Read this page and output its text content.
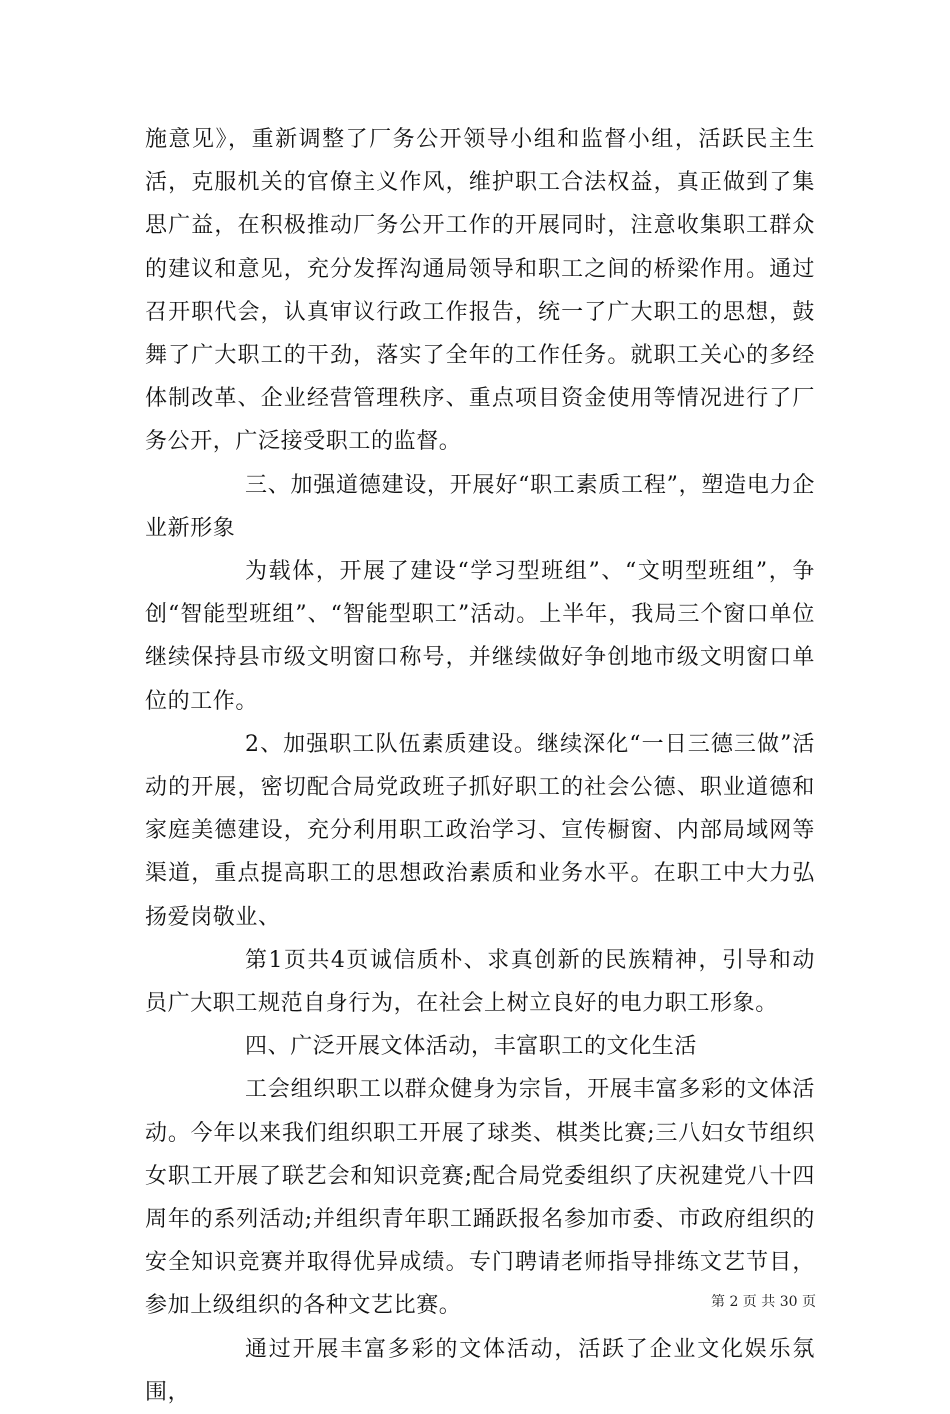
施意见》，重新调整了厂务公开领导小组和监督小组，活跃民主生活，克服机关的官僚主义作风，维护职工合法权益，真正做到了集思广益，在积极推动厂务公开工作的开展同时，注意收集职工群众的建议和意见，充分发挥沟通局领导和职工之间的桥梁作用。通过召开职代会，认真审议行政工作报告，统一了广大职工的思想，鼓舞了广大职工的干劲，落实了全年的工作任务。就职工关心的多经体制改革、企业经营管理秩序、重点项目资金使用等情况进行了厂务公开，广泛接受职工的监督。

三、加强道德建设，开展好“职工素质工程”，塑造电力企业新形象

为载体，开展了建设“学习型班组”、“文明型班组”，争创“智能型班组”、“智能型职工”活动。上半年，我局三个窗口单位继续保持县市级文明窗口称号，并继续做好争创地市级文明窗口单位的工作。

2、加强职工队伍素质建设。继续深化“一日三德三做”活动的开展，密切配合局党政班子抓好职工的社会公德、职业道德和家庭美德建设，充分利用职工政治学习、宣传橱窗、内部局域网等渠道，重点提高职工的思想政治素质和业务水平。在职工中大力弘扬爱岗敬业、

第1页共4页诚信质朴、求真创新的民族精神，引导和动员广大职工规范自身行为，在社会上树立良好的电力职工形象。

四、广泛开展文体活动，丰富职工的文化生活

工会组织职工以群众健身为宗旨，开展丰富多彩的文体活动。今年以来我们组织职工开展了球类、棋类比赛;三八妇女节组织女职工开展了联艺会和知识竞赛;配合局党委组织了庆祝建党八十四周年的系列活动;并组织青年职工踊跃报名参加市委、市政府组织的安全知识竞赛并取得优异成绩。专门聘请老师指导排练文艺节目，参加上级组织的各种文艺比赛。

通过开展丰富多彩的文体活动，活跃了企业文化娱乐氛围，

第 2 页 共 30 页
